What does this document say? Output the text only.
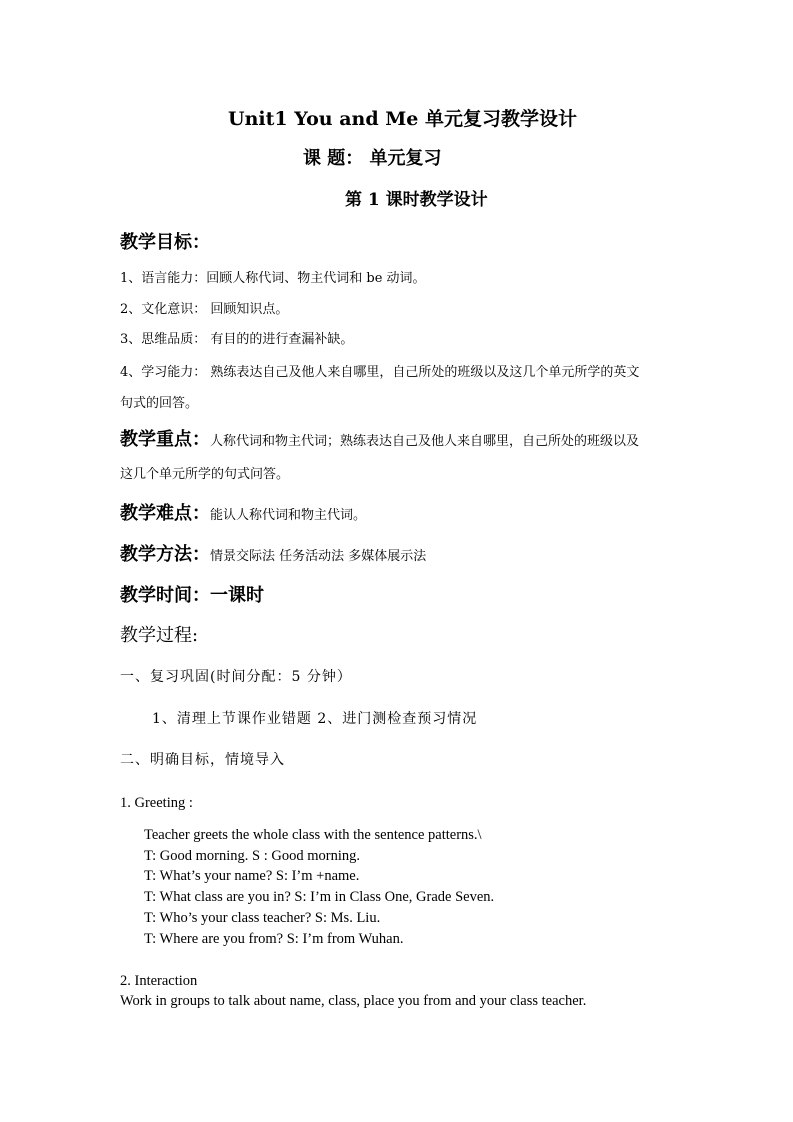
Unit1 You and Me 单元复习教学设计
课 题： 单元复习
第 1 课时教学设计
教学目标：
1、语言能力：回顾人称代词、物主代词和 be 动词。
2、文化意识： 回顾知识点。
3、思维品质： 有目的的进行查漏补缺。
4、学习能力： 熟练表达自己及他人来自哪里，自己所处的班级以及这几个单元所学的英文
句式的回答。
教学重点：人称代词和物主代词；熟练表达自己及他人来自哪里，自己所处的班级以及
这几个单元所学的句式问答。
教学难点：能认人称代词和物主代词。
教学方法：情景交际法 任务活动法 多媒体展示法
教学时间：一课时
教学过程:
一、复习巩固(时间分配：5 分钟）
1、清理上节课作业错题 2、进门测检查预习情况
二、明确目标，情境导入
1. Greeting :
Teacher greets the whole class with the sentence patterns.\
T: Good morning. S : Good morning.
T: What’s your name? S: I’m +name.
T: What class are you in? S: I’m in Class One, Grade Seven.
T: Who’s your class teacher? S: Ms. Liu.
T: Where are you from? S: I’m from Wuhan.
2. Interaction
Work in groups to talk about name, class, place you from and your class teacher.
